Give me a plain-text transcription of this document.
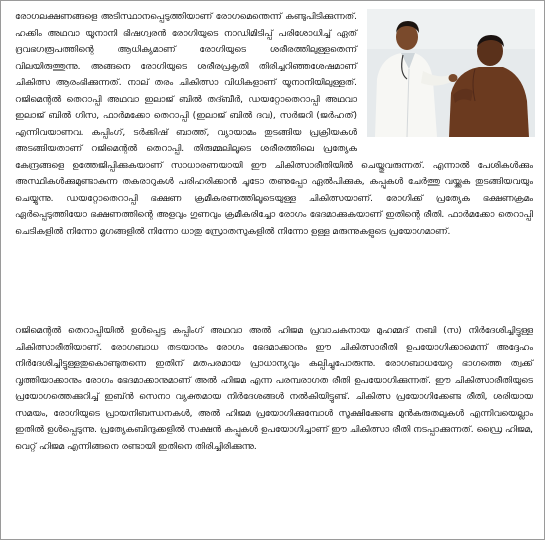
രോഗലക്ഷണങ്ങളെ അടിസ്ഥാനപ്പെടുത്തിയാണ് രോഗമെന്തെന്ന് കണ്ടുപിടിക്കുന്നത്. ഹക്കിം അഥവാ യൂനാനി ഭിഷഗ്വരൻ രോഗിയുടെ നാഡിമിടിപ്പ് പരിശോധിച്ച് ഏത് ദ്രവഭഗരൂപത്തിന്റെ ആധിക്യമാണ് രോഗിയുടെ ശരീരത്തിലുള്ളതെന്ന് വിലയിരുത്തുന്നു. അങ്ങനെ രോഗിയുടെ ശരീരപ്രകൃതി തിരിച്ചറിഞ്ഞശേഷമാണ് ചികിത്സ ആരംഭിക്കുന്നത്. നാല് തരം ചികിത്സാ വിധികളാണ് യൂനാനിയിലുള്ളത്. റജിമെന്റൽ തെറാപ്പി അഥവാ ഇലാജ് ബിൽ തദ്ബീർ, ഡയറ്റോതെറാപ്പി അഥവാ ഇലാജ് ബിൽ ഗിസ, ഫാർമക്കോ തെറാപ്പി (ഇലാജ് ബിൽ ദവ), സർജറി (ജർഹത്) എന്നിവയാണവ. കപ്പിംഗ്, ടർക്കിഷ് ബാത്ത്, വ്യായാമം തുടങ്ങിയ പ്രക്രിയകൾ അടങ്ങിയതാണ് റജിമെന്റൽ തെറാപ്പി. തിരുമ്മലിലൂടെ ശരീരത്തിലെ പ്രത്യേക കേന്ദ്രങ്ങളെ ഉത്തേജിപ്പിക്കുകയാണ് സാധാരണയായി ഈ ചികിത്സാരീതിയിൽ ചെയ്തുവരുന്നത്. എന്നാൽ പേശികൾക്കും അസ്ഥികൾക്കുമുണ്ടാകുന്ന തകരാറുകൾ പരിഹരിക്കാൻ ചൂടോ തണുപ്പോ ഏൽപിക്കുക, കപ്പുകൾ ചേർത്തു വയ്ക്കുക തുടങ്ങിയവയും ചെയ്യുന്നു. ഡയറ്റോതെറാപ്പി ഭക്ഷണ ക്രമീകരണത്തിലൂടെയുള്ള ചികിത്സയാണ്. രോഗിക്ക് പ്രത്യേക ഭക്ഷണക്രമം ഏർപ്പെടുത്തിയോ ഭക്ഷണത്തിന്റെ അളവും ഗുണവും ക്രമീകരിച്ചോ രോഗം ഭേദമാക്കുകയാണ് ഇതിന്റെ രീതി. ഫാർമക്കോ തെറാപ്പി ചെടികളിൽ നിന്നോ മൃഗങ്ങളിൽ നിന്നോ ധാതു സ്രോതസുകളിൽ നിന്നോ ഉള്ള മരുന്നുകളുടെ പ്രയോഗമാണ്.

റജിമെന്റൽ തെറാപ്പിയിൽ ഉൾപ്പെട്ട കപ്പിംഗ് അഥവാ അൽ ഹിജമ പ്രവാചകനായ മുഹമ്മദ് നബി (സ) നിർദേശിച്ചിട്ടുള്ള ചികിത്സാരീതിയാണ്. രോഗബാധ തടയാനും രോഗം ഭേദമാക്കാനും ഈ ചികിത്സാരീതി ഉപയോഗിക്കാമെന്ന് അദ്ദേഹം നിർദേശിച്ചിട്ടുള്ളതുകൊണ്ടുതന്നെ ഇതിന് മതപരമായ പ്രാധാന്യവും കല്പിച്ചുപോരുന്നു. രോഗബാധയേറ്റ ഭാഗത്തെ ത്വക്ക് വൃത്തിയാക്കാനും രോഗം ഭേദമാക്കാനുമാണ് അൽ ഹിജമ എന്ന പരമ്പരാഗത രീതി ഉപയോഗിക്കുന്നത്. ഈ ചികിത്സാരീതിയുടെ പ്രയോഗത്തെക്കുറിച്ച് ഇബ്‌ൻ സെനാ വ്യക്തമായ നിർദേശങ്ങൾ നൽകിയിട്ടുണ്ട്. ചികിത്സ പ്രയോഗിക്കേണ്ട രീതി, ശരിയായ സമയം, രോഗിയുടെ പ്രായനിബന്ധനകൾ, അൽ ഹിജമ പ്രയോഗിക്കുമ്പോൾ സൂക്ഷിക്കേണ്ട മുൻകരുതലുകൾ എന്നിവയെല്ലാം ഇതിൽ ഉൾപ്പെടുന്നു. പ്രത്യേകബിന്ദുക്കളിൽ സക്ഷൻ കപ്പുകൾ ഉപയോഗിച്ചാണ് ഈ ചികിത്സാ രീതി നടപ്പാക്കുന്നത്. ഡ്രൈ ഹിജമ, വെറ്റ് ഹിജമ എന്നിങ്ങനെ രണ്ടായി ഇതിനെ തിരിച്ചിരിക്കുന്നു.
